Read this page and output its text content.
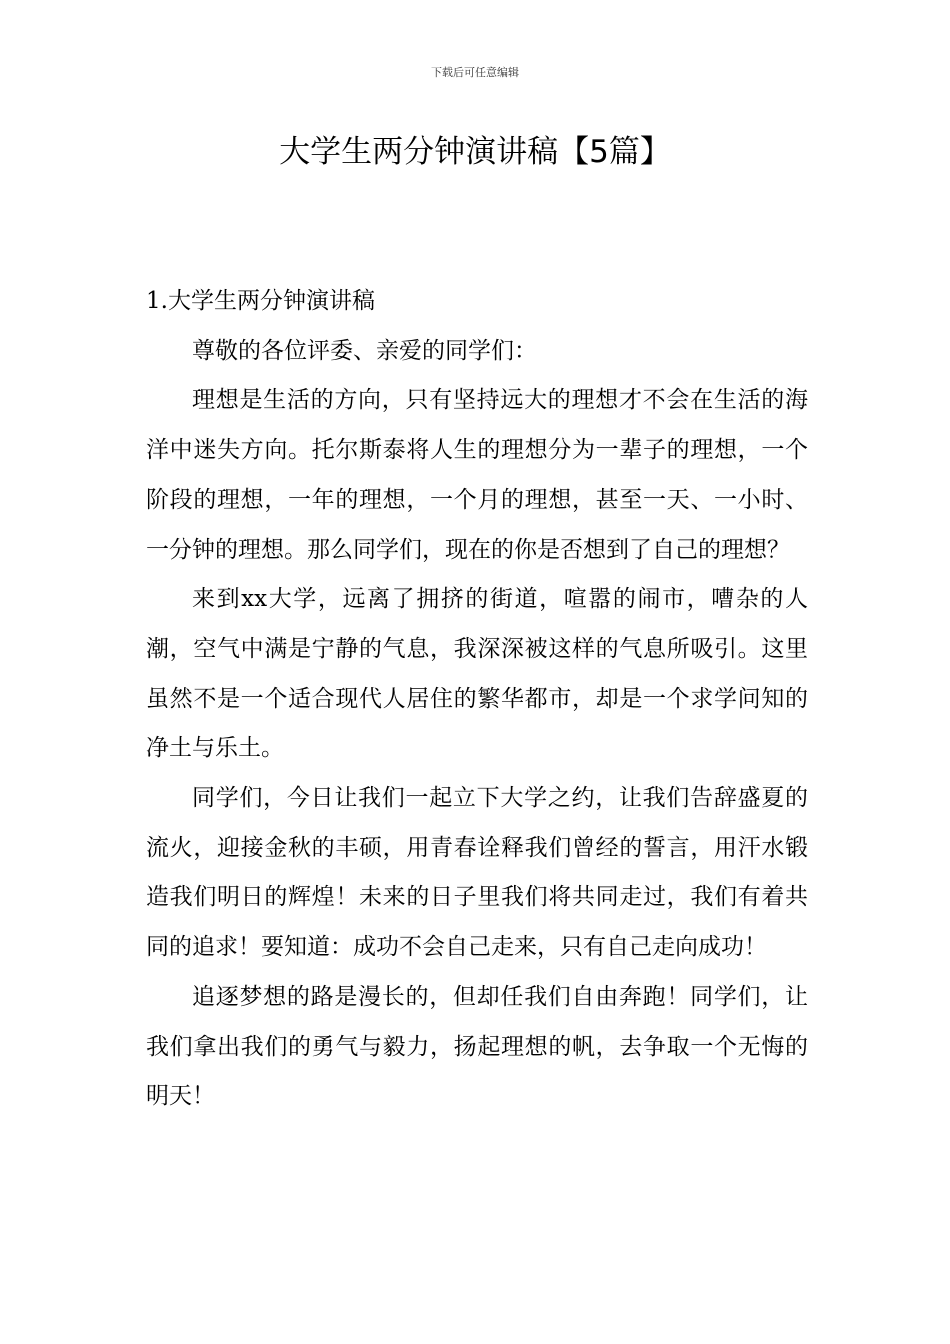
下载后可任意编辑
大学生两分钟演讲稿【5篇】

1.大学生两分钟演讲稿

尊敬的各位评委、亲爱的同学们：

理想是生活的方向，只有坚持远大的理想才不会在生活的海洋中迷失方向。托尔斯泰将人生的理想分为一辈子的理想，一个阶段的理想，一年的理想，一个月的理想，甚至一天、一小时、一分钟的理想。那么同学们，现在的你是否想到了自己的理想？

来到xx大学，远离了拥挤的街道，喧嚣的闹市，嘈杂的人潮，空气中满是宁静的气息，我深深被这样的气息所吸引。这里虽然不是一个适合现代人居住的繁华都市，却是一个求学问知的净土与乐土。

同学们，今日让我们一起立下大学之约，让我们告辞盛夏的流火，迎接金秋的丰硕，用青春诠释我们曾经的誓言，用汗水锻造我们明日的辉煌！未来的日子里我们将共同走过，我们有着共同的追求！要知道：成功不会自己走来，只有自己走向成功！

追逐梦想的路是漫长的，但却任我们自由奔跑！同学们，让我们拿出我们的勇气与毅力，扬起理想的帆，去争取一个无悔的明天！
